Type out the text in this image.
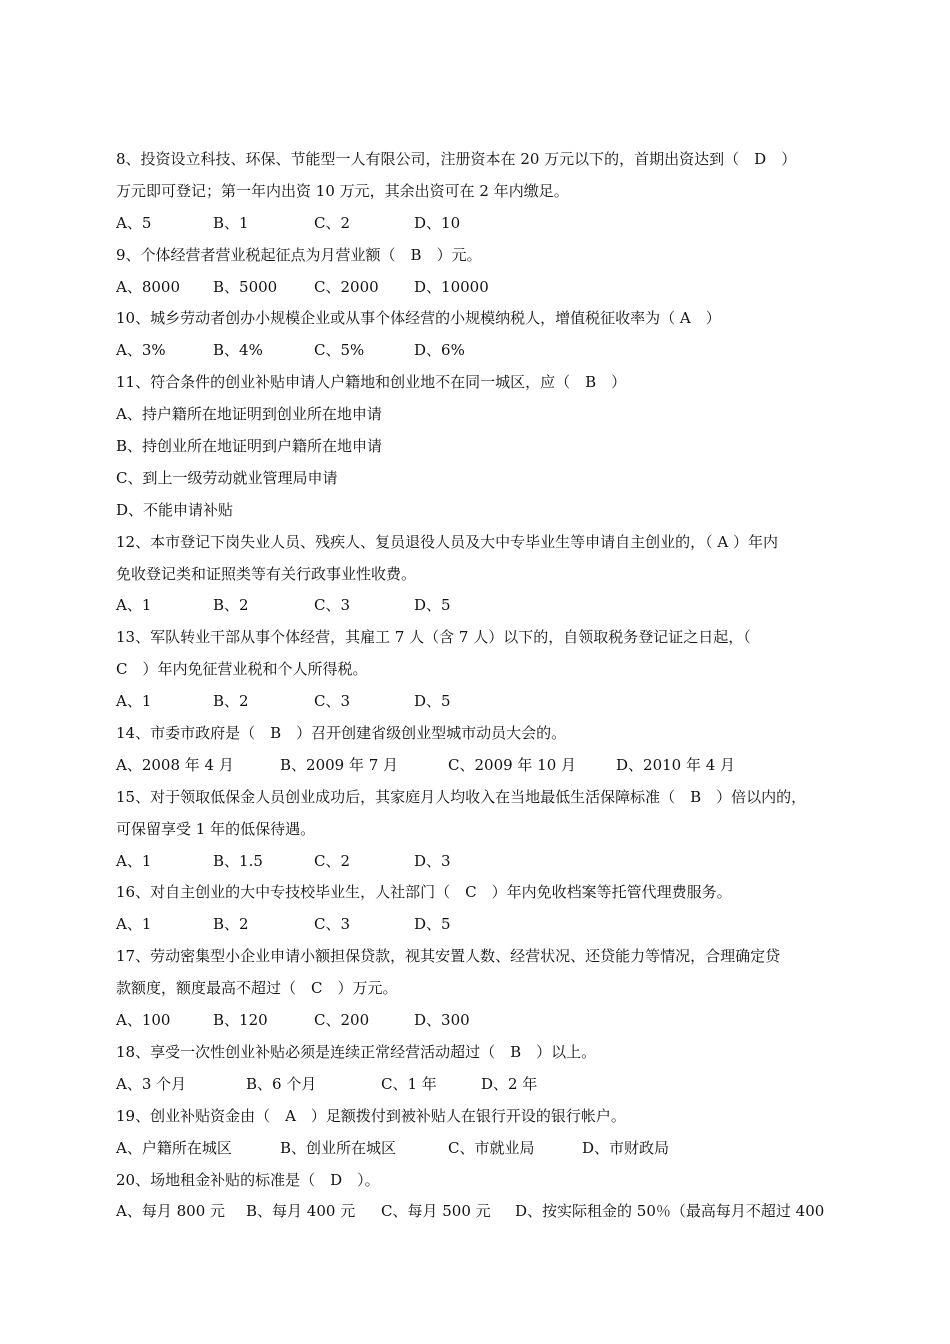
8、投资设立科技、环保、节能型一人有限公司，注册资本在 20 万元以下的，首期出资达到（　D　）
万元即可登记；第一年内出资 10 万元，其余出资可在 2 年内缴足。
A、5	B、1	C、2	D、10
9、个体经营者营业税起征点为月营业额（　B　）元。
A、8000 B、5000 C、2000 D、10000
10、城乡劳动者创办小规模企业或从事个体经营的小规模纳税人，增值税征收率为（ A　）
A、3%	B、4%	C、5%	D、6%
11、符合条件的创业补贴申请人户籍地和创业地不在同一城区，应（　B　）
A、持户籍所在地证明到创业所在地申请
B、持创业所在地证明到户籍所在地申请
C、到上一级劳动就业管理局申请
D、不能申请补贴
12、本市登记下岗失业人员、残疾人、复员退役人员及大中专毕业生等申请自主创业的，（ A ）年内
免收登记类和证照类等有关行政事业性收费。
A、1	B、2	C、3	D、5
13、军队转业干部从事个体经营，其雇工 7 人（含 7 人）以下的，自领取税务登记证之日起，（
C　）年内免征营业税和个人所得税。
A、1	B、2	C、3	D、5
14、市委市政府是（　B　）召开创建省级创业型城市动员大会的。
A、2008 年 4 月	B、2009 年 7 月	C、2009 年 10 月	D、2010 年 4 月
15、对于领取低保金人员创业成功后，其家庭月人均收入在当地最低生活保障标准（　B　）倍以内的，
可保留享受 1 年的低保待遇。
A、1	B、1.5	C、2	D、3
16、对自主创业的大中专技校毕业生，人社部门（　C　）年内免收档案等托管代理费服务。
A、1	B、2	C、3	D、5
17、劳动密集型小企业申请小额担保贷款，视其安置人数、经营状况、还贷能力等情况，合理确定贷
款额度，额度最高不超过（　C　）万元。
A、100	B、120	C、200	D、300
18、享受一次性创业补贴必须是连续正常经营活动超过（　B　）以上。
A、3 个月	B、6 个月	C、1 年	D、2 年
19、创业补贴资金由（　A　）足额拨付到被补贴人在银行开设的银行帐户。
A、户籍所在城区	B、创业所在城区	C、市就业局	D、市财政局
20、场地租金补贴的标准是（　D　）。
A、每月 800 元 B、每月 400 元 C、每月 500 元 D、按实际租金的 50％（最高每月不超过 400
